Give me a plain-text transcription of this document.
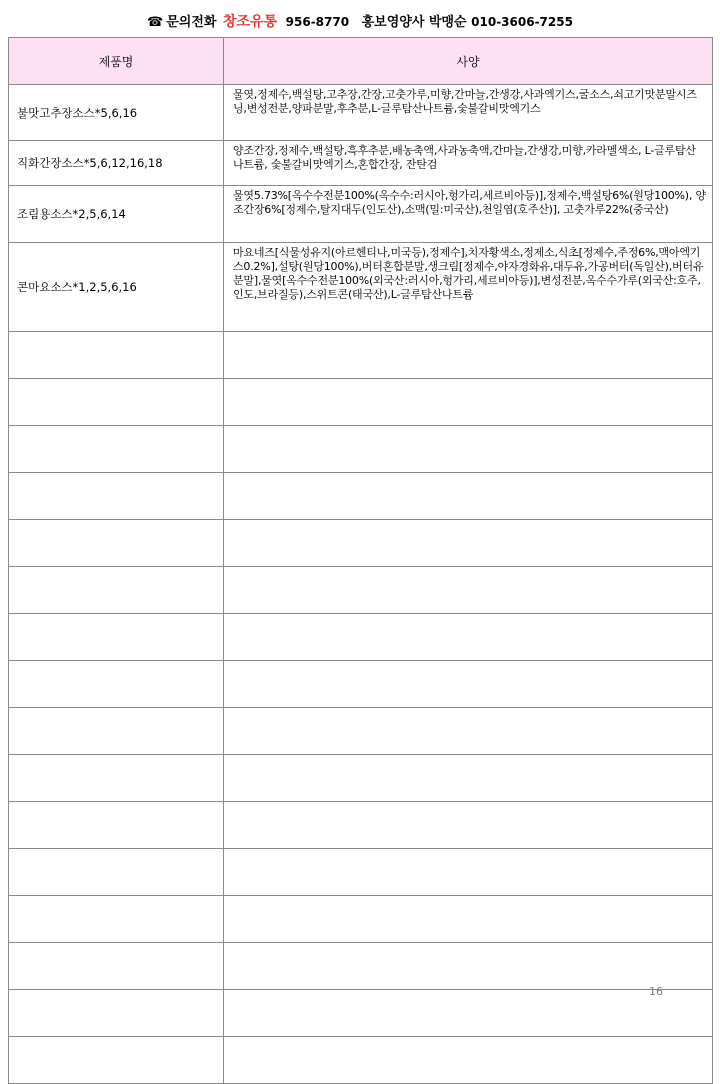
☎ 문의전화 창조유통 956-8770 홍보영양사 박맹순 010-3606-7255
제품명	사양
불맛고추장소스*5,6,16	물엿,정제수,백설탕,고추장,간장,고춧가루,미향,간마늘,간생강,사과엑기스,굴소스,쇠고기맛분말시즈닝,변성전분,양파분말,후추분,L-글루탐산나트륨,숯불갈비맛엑기스
직화간장소스*5,6,12,16,18	양조간장,정제수,백설탕,흑후추분,배농축액,사과농축액,간마늘,간생강,미향,카라멜색소, L-글루탐산나트륨, 숯불갈비맛엑기스,혼합간장, 잔탄검
조림용소스*2,5,6,14	물엿5.73%[옥수수전분100%(옥수수:러시아,헝가리,세르비아등)],정제수,백설탕6%(원당100%), 양조간장6%[정제수,탈지대두(인도산),소맥(밀:미국산),천일염(호주산)], 고춧가루22%(중국산)
콘마요소스*1,2,5,6,16	마요네즈[식물성유지(아르헨티나,미국등),정제수],치자황색소,정제소,식초[정제수,주정6%,맥아엑기스0.2%],설탕(원당100%),버터혼합분말,생크림[정제수,야자경화유,대두유,가공버터(독일산),버터유분말],물엿[옥수수전분100%(외국산:러시아,헝가리,세르비아등)],변성전분,옥수수가루(외국산:호주,인도,브라질등),스위트콘(태국산),L-글루탐산나트륨

16
